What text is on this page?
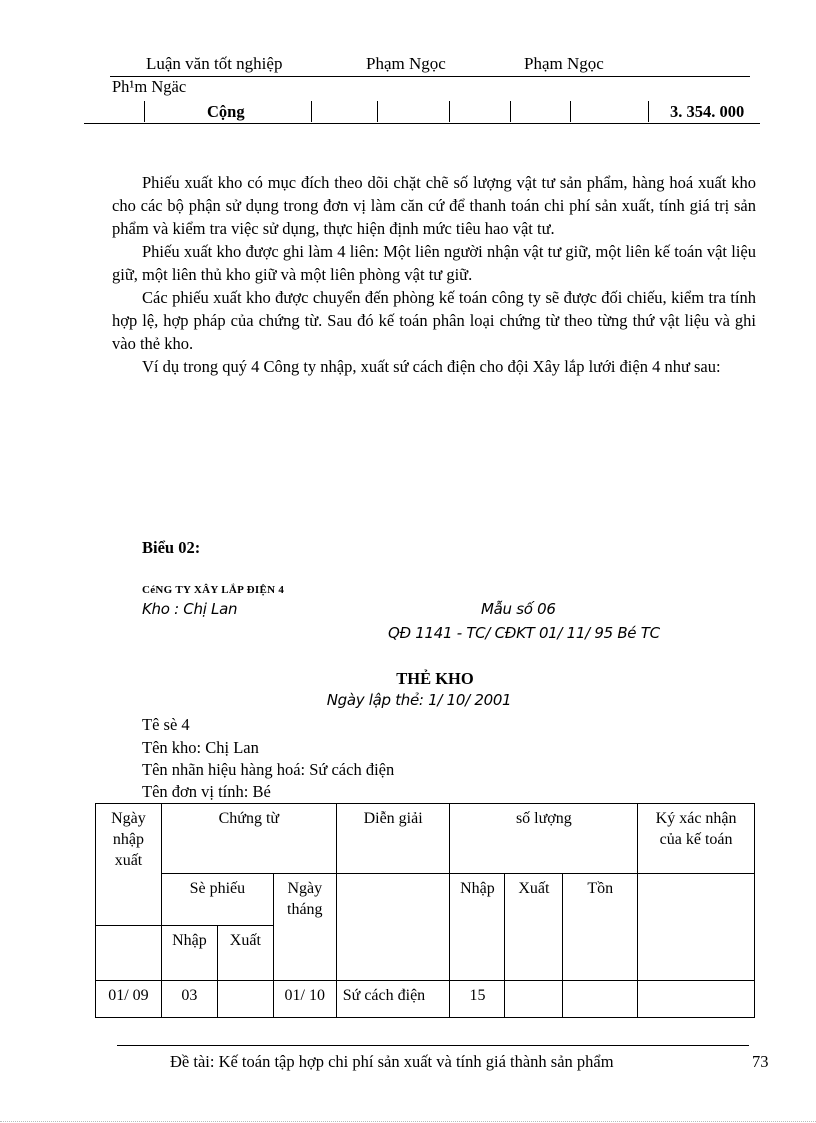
Luận văn tốt nghiệp	Phạm Ngọc	Phạm Ngọc
Ph¹m Ngäc
Cộng	3. 354. 000

Phiếu xuất kho có mục đích theo dõi chặt chẽ số lượng vật tư sản phẩm, hàng hoá xuất kho cho các bộ phận sử dụng trong đơn vị làm căn cứ để thanh toán chi phí sản xuất, tính giá trị sản phẩm và kiểm tra việc sử dụng, thực hiện định mức tiêu hao vật tư.

Phiếu xuất kho được ghi làm 4 liên: Một liên người nhận vật tư giữ, một liên kế toán vật liệu giữ, một liên thủ kho giữ và một liên phòng vật tư giữ.

Các phiếu xuất kho được chuyển đến phòng kế toán công ty sẽ được đối chiếu, kiểm tra tính hợp lệ, hợp pháp của chứng từ. Sau đó kế toán phân loại chứng từ theo từng thứ vật liệu và ghi vào thẻ kho.

Ví dụ trong quý 4 Công ty nhập, xuất sứ cách điện cho đội Xây lắp lưới điện 4 như sau:

Biểu 02:
CéNG TY XÂY LẮP ĐIỆN 4
Kho : Chị Lan	Mẫu số 06
QĐ 1141 - TC/ CĐKT 01/ 11/ 95 Bé TC
THẺ KHO
Ngày lập thẻ: 1/ 10/ 2001
Tê sè 4
Tên kho: Chị Lan
Tên nhãn hiệu hàng hoá: Sứ cách điện
Tên đơn vị tính: Bé
Ngày nhập xuất	Chứng từ			Diễn giải	số lượng			Ký xác nhận của kế toán
	Sè phiếu		Ngày tháng		Nhập	Xuất	Tồn	
	Nhập	Xuất						
01/ 09	03		01/ 10	Sứ cách điện	15			
Đề tài: Kế toán tập hợp chi phí sản xuất và tính giá thành sản phẩm	73
